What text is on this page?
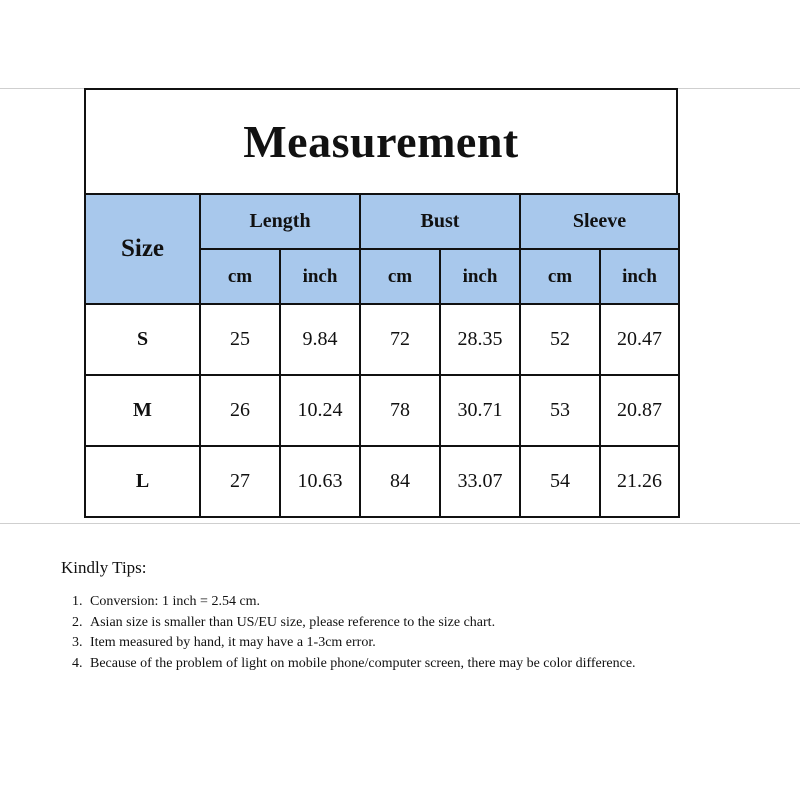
Measurement
Size	Length		Bust		Sleeve	
	cm	inch	cm	inch	cm	inch
S	25	9.84	72	28.35	52	20.47
M	26	10.24	78	30.71	53	20.87
L	27	10.63	84	33.07	54	21.26
Kindly Tips:
1. Conversion: 1 inch = 2.54 cm.
2. Asian size is smaller than US/EU size, please reference to the size chart.
3. Item measured by hand, it may have a 1-3cm error.
4. Because of the problem of light on mobile phone/computer screen, there may be color difference.
